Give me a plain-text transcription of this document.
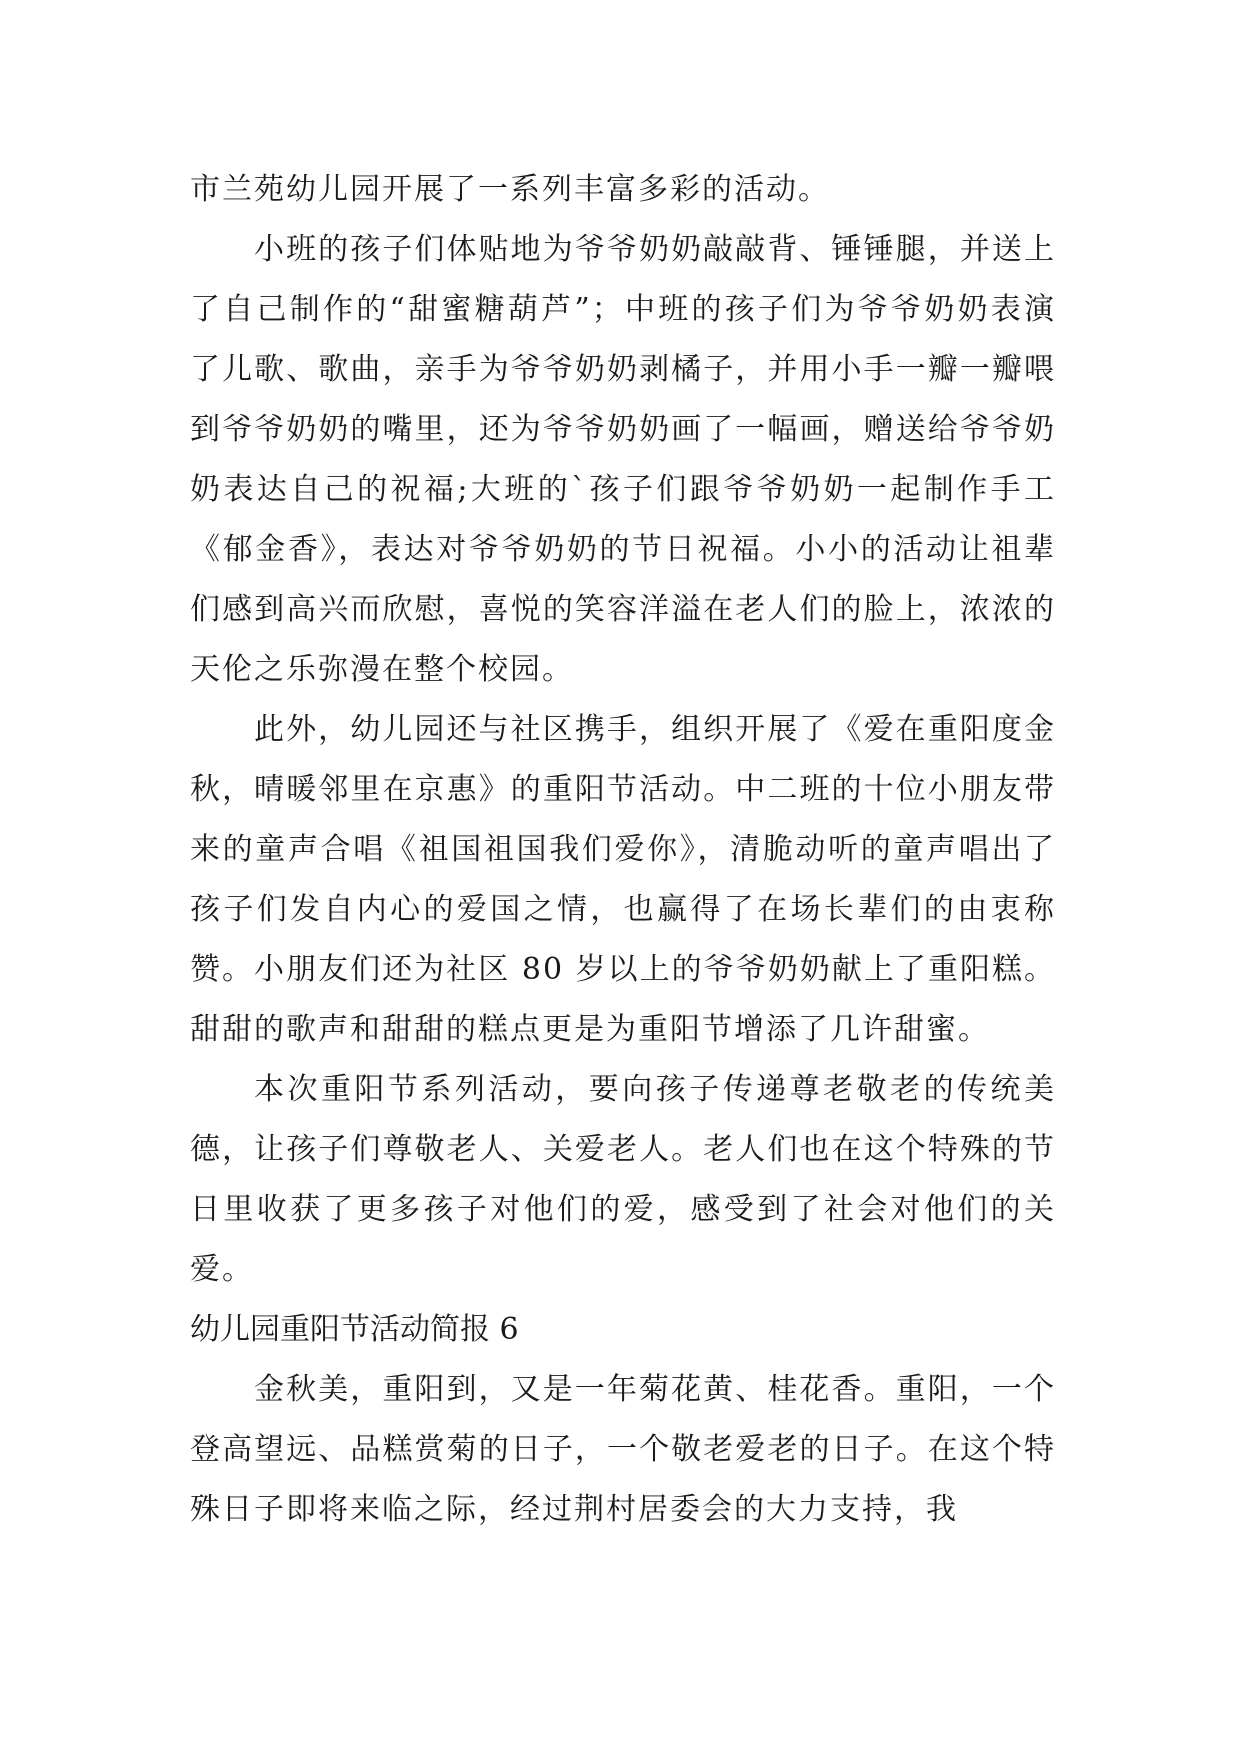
市兰苑幼儿园开展了一系列丰富多彩的活动。

小班的孩子们体贴地为爷爷奶奶敲敲背、锤锤腿，并送上了自己制作的“甜蜜糖葫芦”；中班的孩子们为爷爷奶奶表演了儿歌、歌曲，亲手为爷爷奶奶剥橘子，并用小手一瓣一瓣喂到爷爷奶奶的嘴里，还为爷爷奶奶画了一幅画，赠送给爷爷奶奶表达自己的祝福;大班的`孩子们跟爷爷奶奶一起制作手工《郁金香》，表达对爷爷奶奶的节日祝福。小小的活动让祖辈们感到高兴而欣慰，喜悦的笑容洋溢在老人们的脸上，浓浓的天伦之乐弥漫在整个校园。

此外，幼儿园还与社区携手，组织开展了《爱在重阳度金秋，晴暖邻里在京惠》的重阳节活动。中二班的十位小朋友带来的童声合唱《祖国祖国我们爱你》，清脆动听的童声唱出了孩子们发自内心的爱国之情，也赢得了在场长辈们的由衷称赞。小朋友们还为社区 80 岁以上的爷爷奶奶献上了重阳糕。甜甜的歌声和甜甜的糕点更是为重阳节增添了几许甜蜜。

本次重阳节系列活动，要向孩子传递尊老敬老的传统美德，让孩子们尊敬老人、关爱老人。老人们也在这个特殊的节日里收获了更多孩子对他们的爱，感受到了社会对他们的关爱。

幼儿园重阳节活动简报 6

金秋美，重阳到，又是一年菊花黄、桂花香。重阳，一个登高望远、品糕赏菊的日子，一个敬老爱老的日子。在这个特殊日子即将来临之际，经过荆村居委会的大力支持，我
